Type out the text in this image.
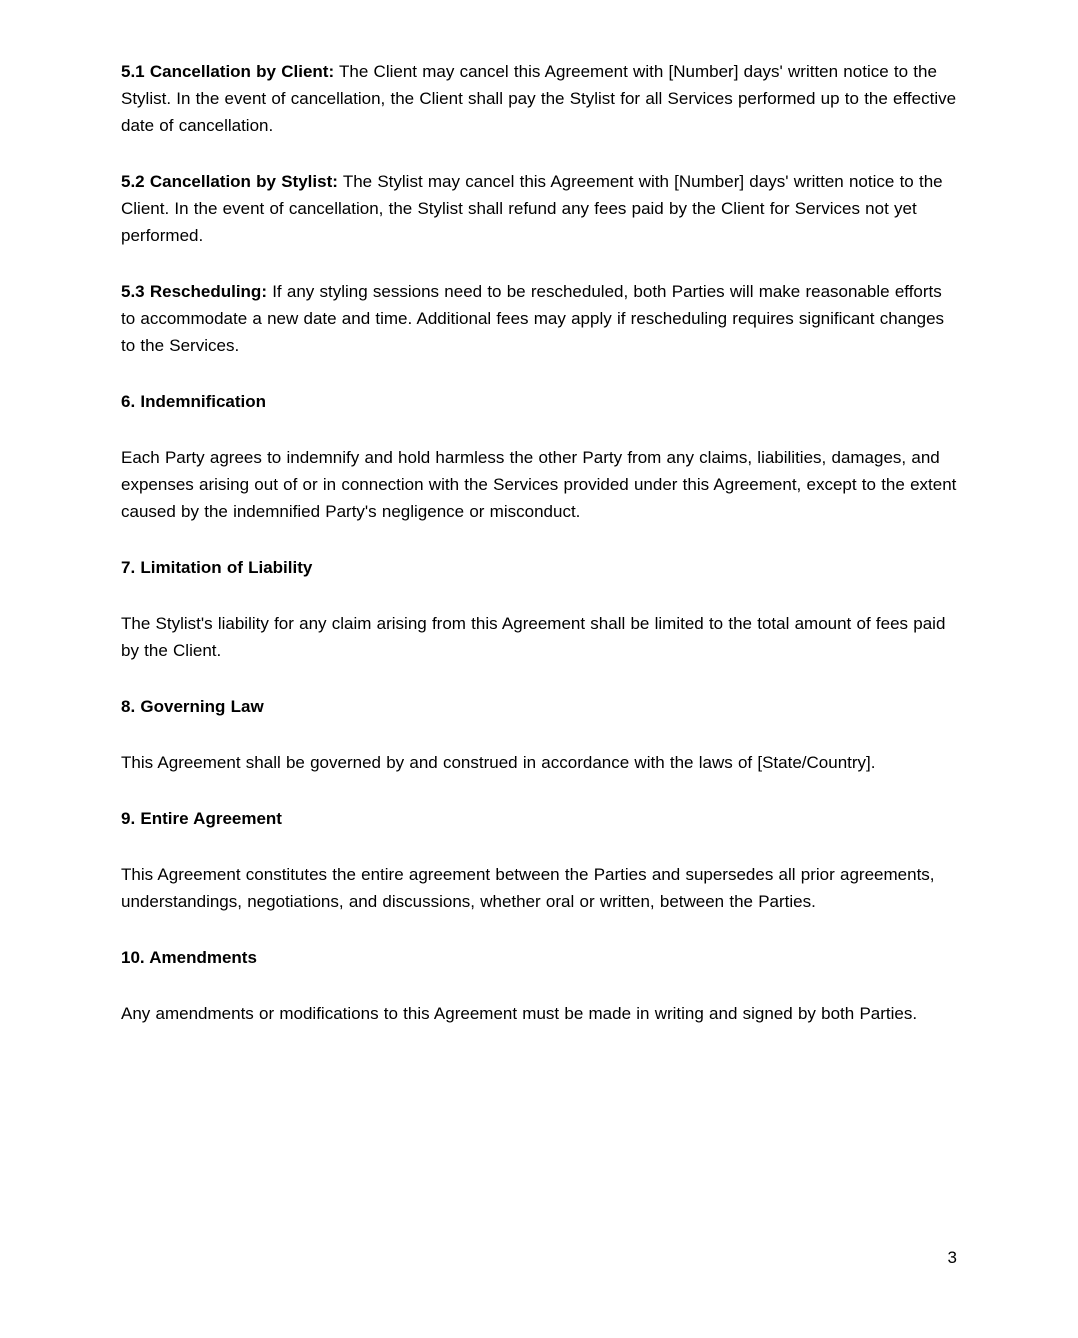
5.1 Cancellation by Client: The Client may cancel this Agreement with [Number] days' written notice to the Stylist. In the event of cancellation, the Client shall pay the Stylist for all Services performed up to the effective date of cancellation.

5.2 Cancellation by Stylist: The Stylist may cancel this Agreement with [Number] days' written notice to the Client. In the event of cancellation, the Stylist shall refund any fees paid by the Client for Services not yet performed.

5.3 Rescheduling: If any styling sessions need to be rescheduled, both Parties will make reasonable efforts to accommodate a new date and time. Additional fees may apply if rescheduling requires significant changes to the Services.

6. Indemnification

Each Party agrees to indemnify and hold harmless the other Party from any claims, liabilities, damages, and expenses arising out of or in connection with the Services provided under this Agreement, except to the extent caused by the indemnified Party's negligence or misconduct.

7. Limitation of Liability

The Stylist's liability for any claim arising from this Agreement shall be limited to the total amount of fees paid by the Client.

8. Governing Law

This Agreement shall be governed by and construed in accordance with the laws of [State/Country].

9. Entire Agreement

This Agreement constitutes the entire agreement between the Parties and supersedes all prior agreements, understandings, negotiations, and discussions, whether oral or written, between the Parties.

10. Amendments

Any amendments or modifications to this Agreement must be made in writing and signed by both Parties.

3
